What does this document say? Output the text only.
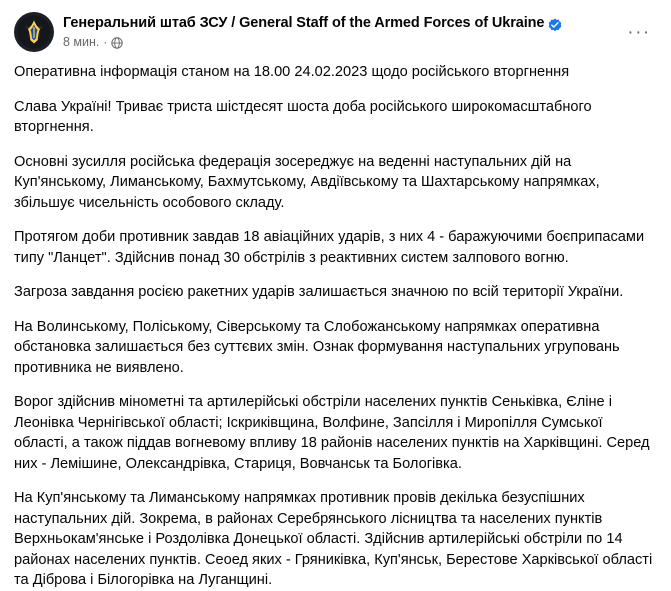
Генеральний штаб ЗСУ / General Staff of the Armed Forces of Ukraine
8 мин. ·	···

Оперативна інформація станом на 18.00 24.02.2023 щодо російського вторгнення

Слава Україні! Триває триста шістдесят шоста доба російського широкомасштабного вторгнення.

Основні зусилля російська федерація зосереджує на веденні наступальних дій на Куп'янському, Лиманському, Бахмутському, Авдіївському та Шахтарському напрямках, збільшує чисельність особового складу.

Протягом доби противник завдав 18 авіаційних ударів, з них 4 - баражуючими боєприпасами типу "Ланцет". Здійснив понад 30 обстрілів з реактивних систем залпового вогню.

Загроза завдання росією ракетних ударів залишається значною по всій території України.

На Волинському, Поліському, Сіверському та Слобожанському напрямках оперативна обстановка залишається без суттєвих змін. Ознак формування наступальних угруповань противника не виявлено.

Ворог здійснив мінометні та артилерійські обстріли населених пунктів Сеньківка, Єліне і Леонівка Чернігівської області; Іскриківщина, Волфине, Запсілля і Миропілля Сумської області, а також піддав вогневому впливу 18 районів населених пунктів на Харківщині. Серед них - Лемішине, Олександрівка, Стариця, Вовчанськ та Бологівка.

На Куп'янському та Лиманському напрямках противник провів декілька безуспішних наступальних дій. Зокрема, в районах Серебрянського лісництва та населених пунктів Верхньокам'янське і Роздолівка Донецької області. Здійснив артилерійські обстріли по 14 районах населених пунктів. Сеоед яких - Гряниківка, Куп'янськ, Берестове Харківської області та Діброва і Білогорівка на Луганщині.
